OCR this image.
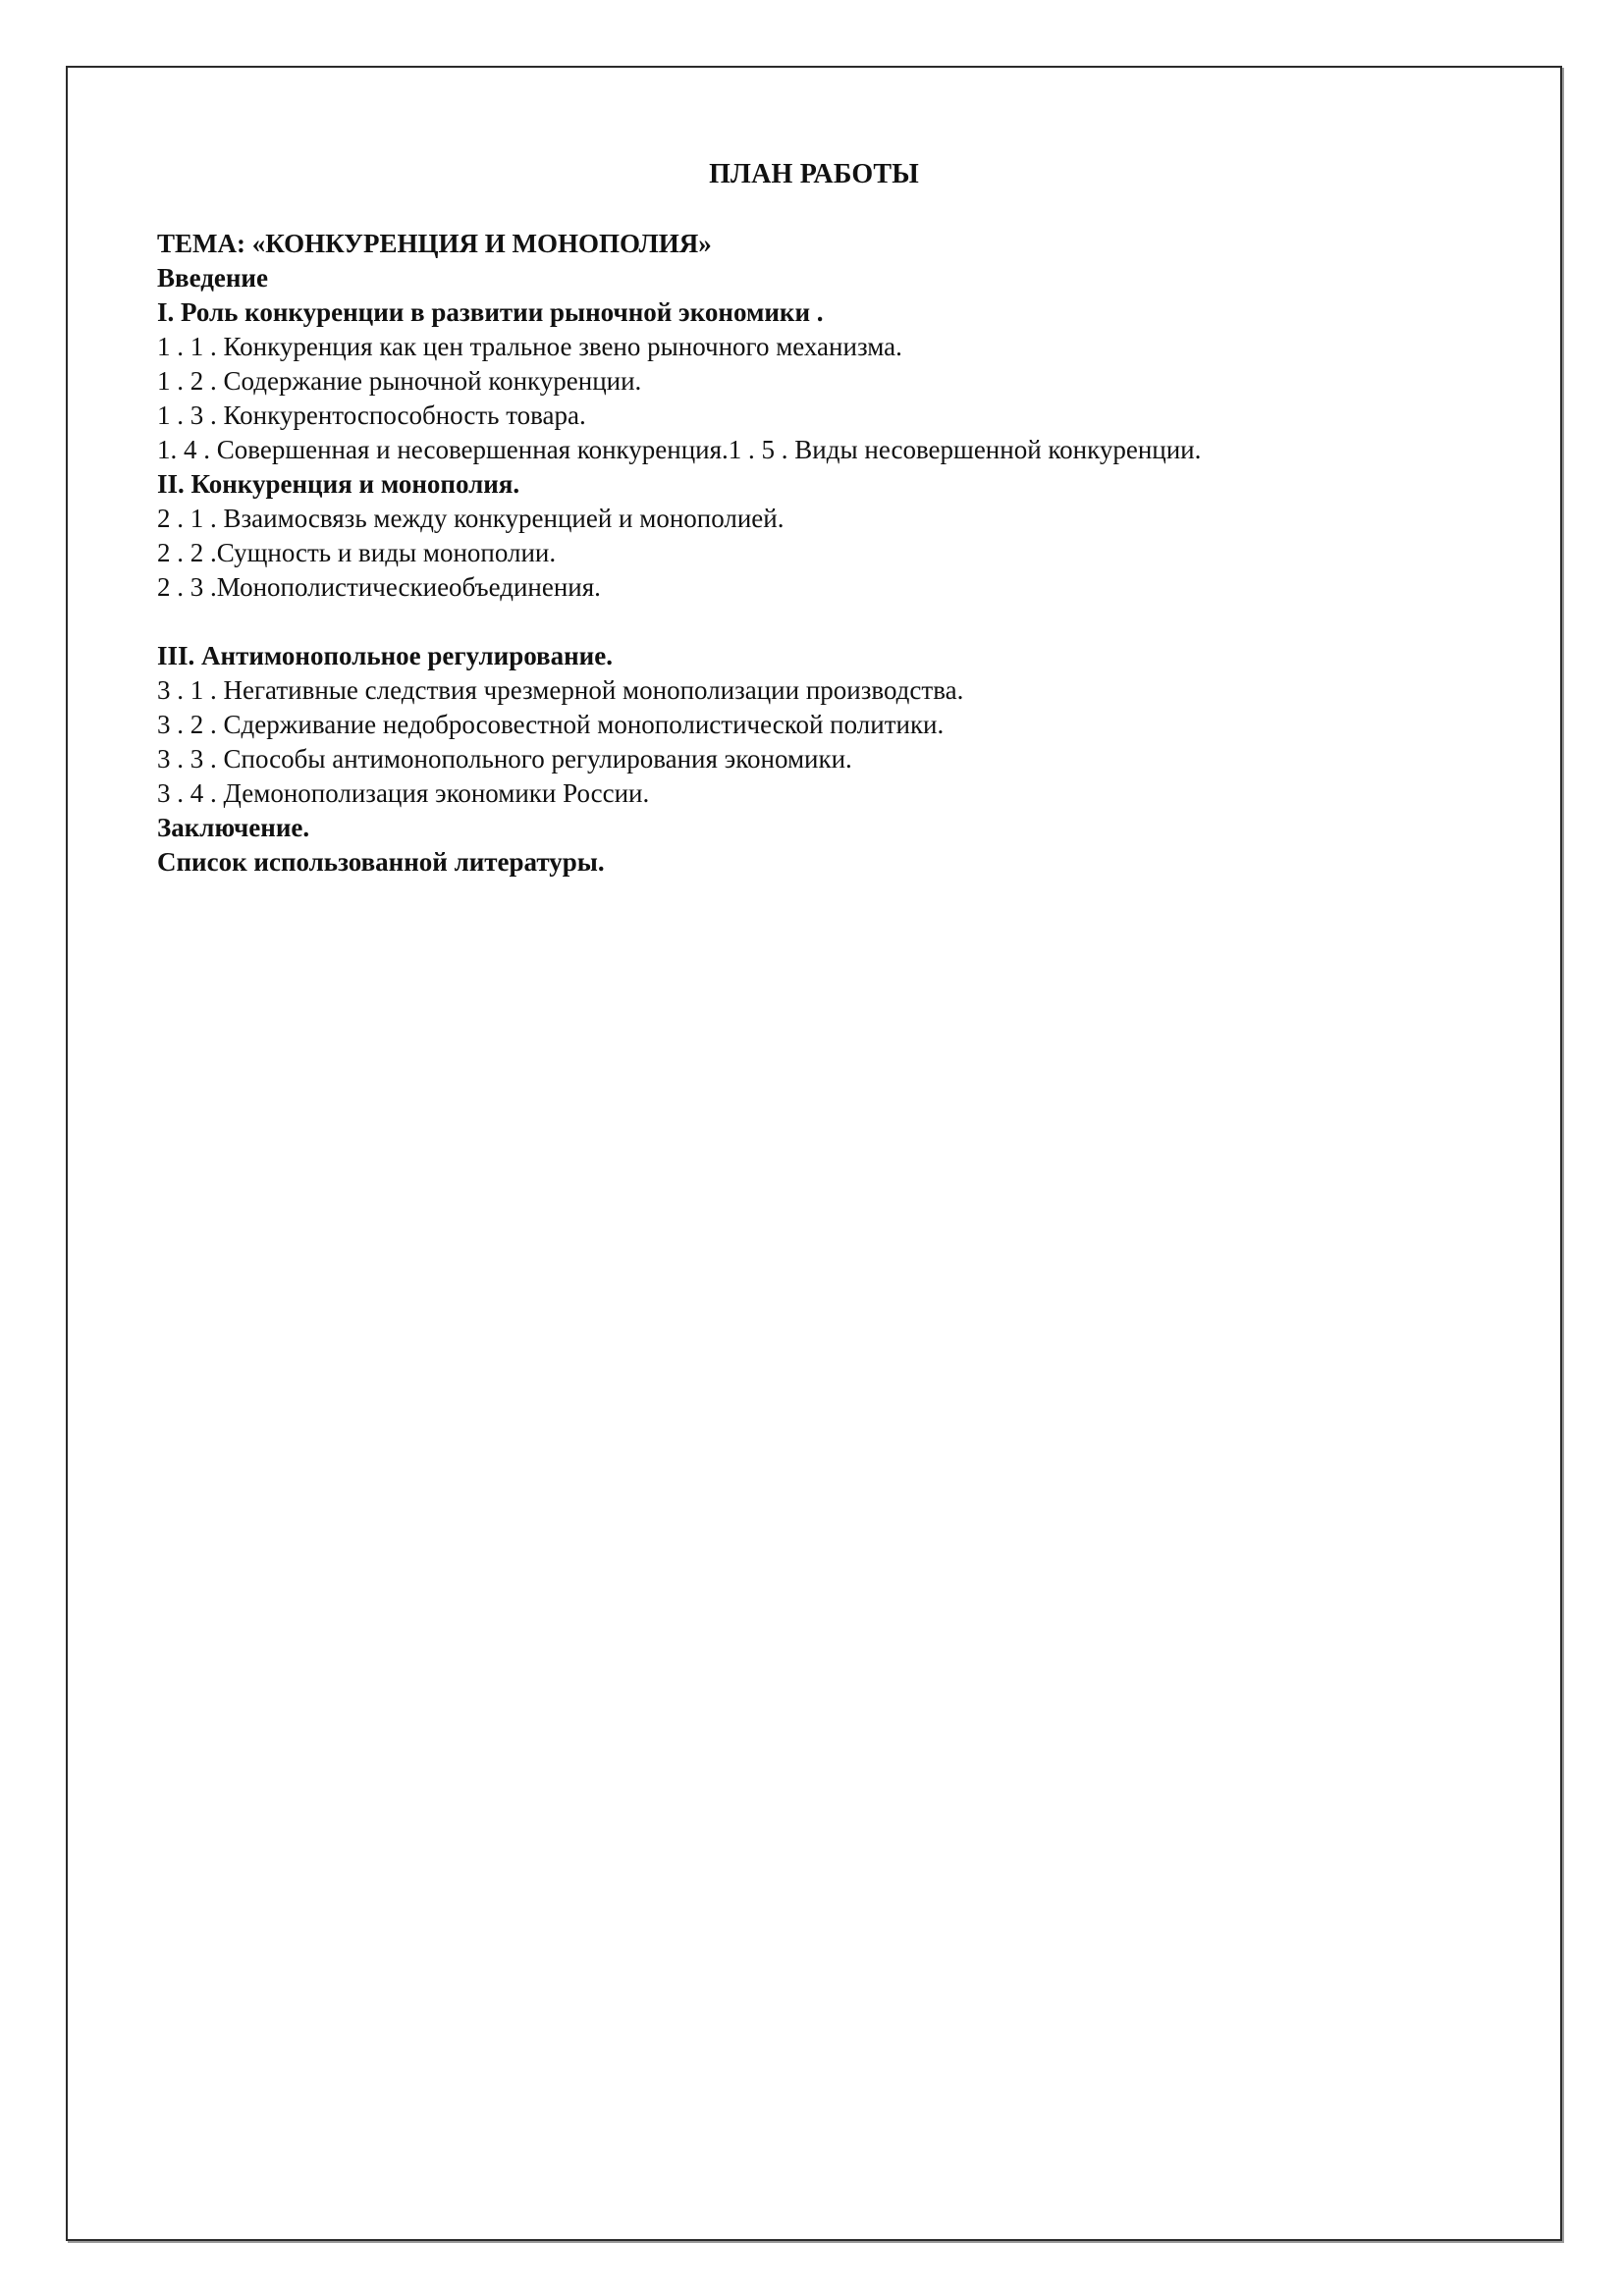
ПЛАН РАБОТЫ
ТЕМА: «КОНКУРЕНЦИЯ И МОНОПОЛИЯ»
Введение
I. Роль конкуренции в развитии рыночной экономики .
1 . 1 . Конкуренция как цен тральное звено рыночного механизма.
1 . 2 . Содержание рыночной конкуренции.
1 . 3 . Конкурентоспособность товара.
1. 4 . Совершенная и несовершенная конкуренция.1 . 5 . Виды несовершенной конкуренции.
II. Конкуренция и монополия.
2 . 1 . Взаимосвязь между конкуренцией и монополией.
2 . 2 .Сущность и виды монополии.
2 . 3 .Монополистическиеобъединения.
III. Антимонопольное регулирование.
3 . 1 . Негативные следствия чрезмерной монополизации производства.
3 . 2 . Сдерживание недобросовестной монополистической политики.
3 . 3 . Способы антимонопольного регулирования экономики.
3 . 4 . Демонополизация экономики России.
Заключение.
Список использованной литературы.
